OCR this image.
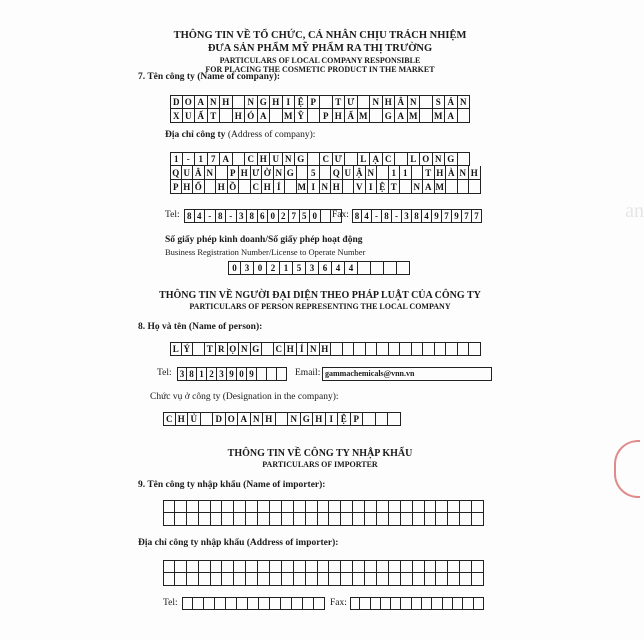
THÔNG TIN VỀ TỔ CHỨC, CÁ NHÂN CHỊU TRÁCH NHIỆM
ĐƯA SẢN PHẨM MỸ PHẨM RA THỊ TRƯỜNG
PARTICULARS OF LOCAL COMPANY RESPONSIBLE
FOR PLACING THE COSMETIC PRODUCT IN THE MARKET
7. Tên công ty (Name of company):
D O A N H	N G H I Ệ P	T Ư	N H Â N	S Ả N
X U Ấ T	H Ó A	M Ỹ	P H Ẩ M G A M M A
Địa chỉ công ty (Address of company):
1 - 1 7 A	C H U N G	C Ư	L Ạ C	L O N G
Q U Â N	P H Ư Ờ N G	5	Q U Ậ N	1 1	T H À N H
P H Ố	H Ồ	C H Í	M I N H	V I Ệ T	N A M
Tel: 8 4 - 8 - 3 8 6 0 2 7 5 0	Fax: 8 4 - 8 - 3 8 4 9 7 9 7 7
Số giấy phép kinh doanh/Số giấy phép hoạt động
Business Registration Number/License to Operate Number
0 3 0 2 1 5 3 6 4 4
THÔNG TIN VỀ NGƯỜI ĐẠI DIỆN THEO PHÁP LUẬT CỦA CÔNG TY
PARTICULARS OF PERSON REPRESENTING THE LOCAL COMPANY
8. Họ và tên (Name of person):
L Ý	T R Ọ N G	C H Í N H
Tel: 3 8 1 2 3 9 0 9	Email: gammachemicals@vnn.vn
Chức vụ ở công ty (Designation in the company):
C H Ủ	D O A N H	N G H I Ệ P
THÔNG TIN VỀ CÔNG TY NHẬP KHẨU
PARTICULARS OF IMPORTER
9. Tên công ty nhập khẩu (Name of importer):
Địa chỉ công ty nhập khẩu (Address of importer):
Tel:	Fax:
an
